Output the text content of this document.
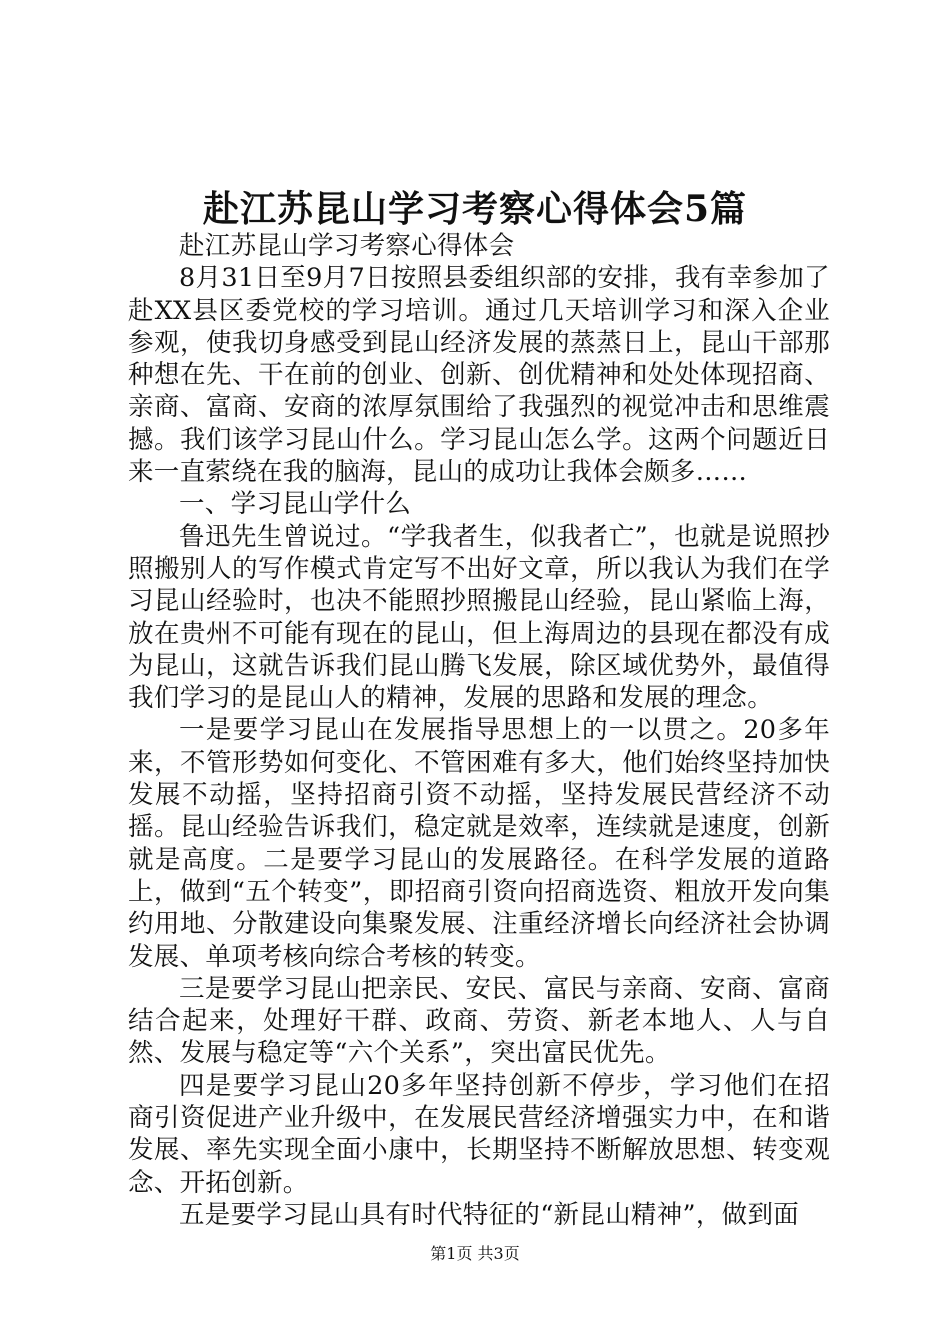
赴江苏昆山学习考察心得体会5篇

赴江苏昆山学习考察心得体会

8月31日至9月7日按照县委组织部的安排，我有幸参加了赴XX县区委党校的学习培训。通过几天培训学习和深入企业参观，使我切身感受到昆山经济发展的蒸蒸日上，昆山干部那种想在先、干在前的创业、创新、创优精神和处处体现招商、亲商、富商、安商的浓厚氛围给了我强烈的视觉冲击和思维震撼。我们该学习昆山什么。学习昆山怎么学。这两个问题近日来一直萦绕在我的脑海，昆山的成功让我体会颇多……

一、学习昆山学什么

鲁迅先生曾说过。“学我者生，似我者亡”，也就是说照抄照搬别人的写作模式肯定写不出好文章，所以我认为我们在学习昆山经验时，也决不能照抄照搬昆山经验，昆山紧临上海，放在贵州不可能有现在的昆山，但上海周边的县现在都没有成为昆山，这就告诉我们昆山腾飞发展，除区域优势外，最值得我们学习的是昆山人的精神，发展的思路和发展的理念。

一是要学习昆山在发展指导思想上的一以贯之。20多年来，不管形势如何变化、不管困难有多大，他们始终坚持加快发展不动摇，坚持招商引资不动摇，坚持发展民营经济不动摇。昆山经验告诉我们，稳定就是效率，连续就是速度，创新就是高度。二是要学习昆山的发展路径。在科学发展的道路上，做到“五个转变”，即招商引资向招商选资、粗放开发向集约用地、分散建设向集聚发展、注重经济增长向经济社会协调发展、单项考核向综合考核的转变。

三是要学习昆山把亲民、安民、富民与亲商、安商、富商结合起来，处理好干群、政商、劳资、新老本地人、人与自然、发展与稳定等“六个关系”，突出富民优先。

四是要学习昆山20多年坚持创新不停步，学习他们在招商引资促进产业升级中，在发展民营经济增强实力中，在和谐发展、率先实现全面小康中，长期坚持不断解放思想、转变观念、开拓创新。

五是要学习昆山具有时代特征的“新昆山精神”，做到面

第1页 共3页
